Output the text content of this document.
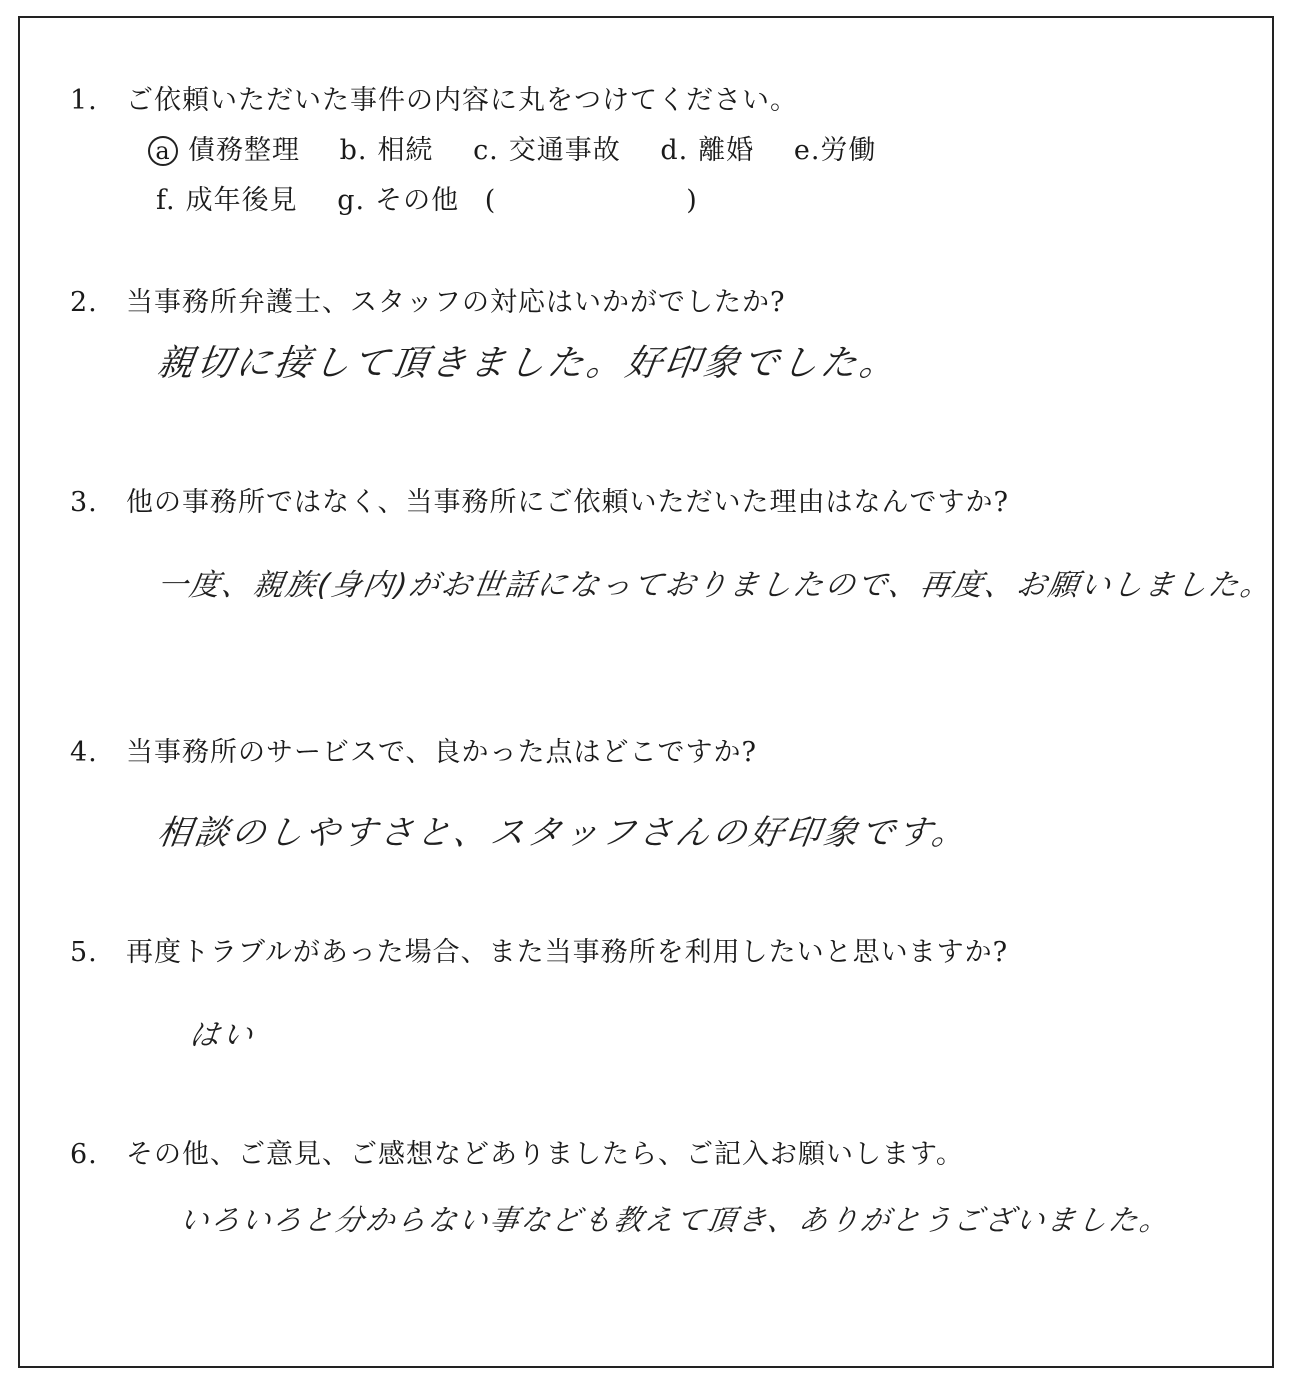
1. ご依頼いただいた事件の内容に丸をつけてください。
a 債務整理 b. 相続 c. 交通事故 d. 離婚 e.労働
f. 成年後見 g. その他 (	)
2. 当事務所弁護士、スタッフの対応はいかがでしたか?
親切に接して頂きました。好印象でした。
3. 他の事務所ではなく、当事務所にご依頼いただいた理由はなんですか?
一度、親族(身内)がお世話になっておりましたので、再度、お願いしました。
4. 当事務所のサービスで、良かった点はどこですか?
相談のしやすさと、スタッフさんの好印象です。
5. 再度トラブルがあった場合、また当事務所を利用したいと思いますか?
はい
6. その他、ご意見、ご感想などありましたら、ご記入お願いします。
いろいろと分からない事なども教えて頂き、ありがとうございました。
